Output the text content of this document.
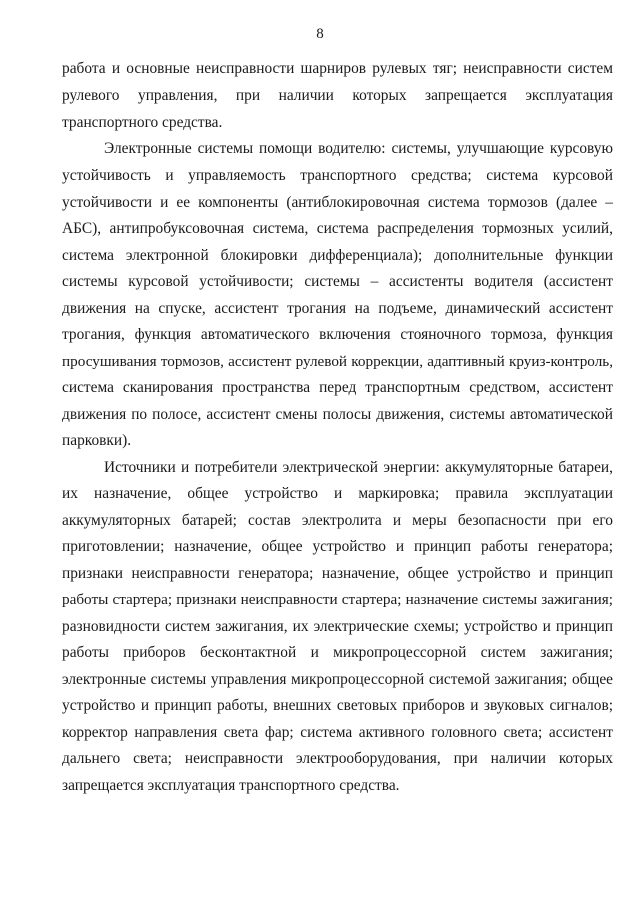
8
работа и основные неисправности шарниров рулевых тяг; неисправности систем
рулевого управления, при наличии которых запрещается эксплуатация
транспортного средства.
Электронные системы помощи водителю: системы, улучшающие курсовую
устойчивость и управляемость транспортного средства; система курсовой
устойчивости и ее компоненты (антиблокировочная система тормозов (далее –
АБС), антипробуксовочная система, система распределения тормозных усилий,
система электронной блокировки дифференциала); дополнительные функции
системы курсовой устойчивости; системы – ассистенты водителя (ассистент
движения на спуске, ассистент трогания на подъеме, динамический ассистент
трогания, функция автоматического включения стояночного тормоза, функция
просушивания тормозов, ассистент рулевой коррекции, адаптивный круиз-контроль,
система сканирования пространства перед транспортным средством, ассистент
движения по полосе, ассистент смены полосы движения, системы автоматической
парковки).
Источники и потребители электрической энергии: аккумуляторные батареи,
их назначение, общее устройство и маркировка; правила эксплуатации
аккумуляторных батарей; состав электролита и меры безопасности при его
приготовлении; назначение, общее устройство и принцип работы генератора;
признаки неисправности генератора; назначение, общее устройство и принцип
работы стартера; признаки неисправности стартера; назначение системы зажигания;
разновидности систем зажигания, их электрические схемы; устройство и принцип
работы приборов бесконтактной и микропроцессорной систем зажигания;
электронные системы управления микропроцессорной системой зажигания; общее
устройство и принцип работы, внешних световых приборов и звуковых сигналов;
корректор направления света фар; система активного головного света; ассистент
дальнего света; неисправности электрооборудования, при наличии которых
запрещается эксплуатация транспортного средства.
